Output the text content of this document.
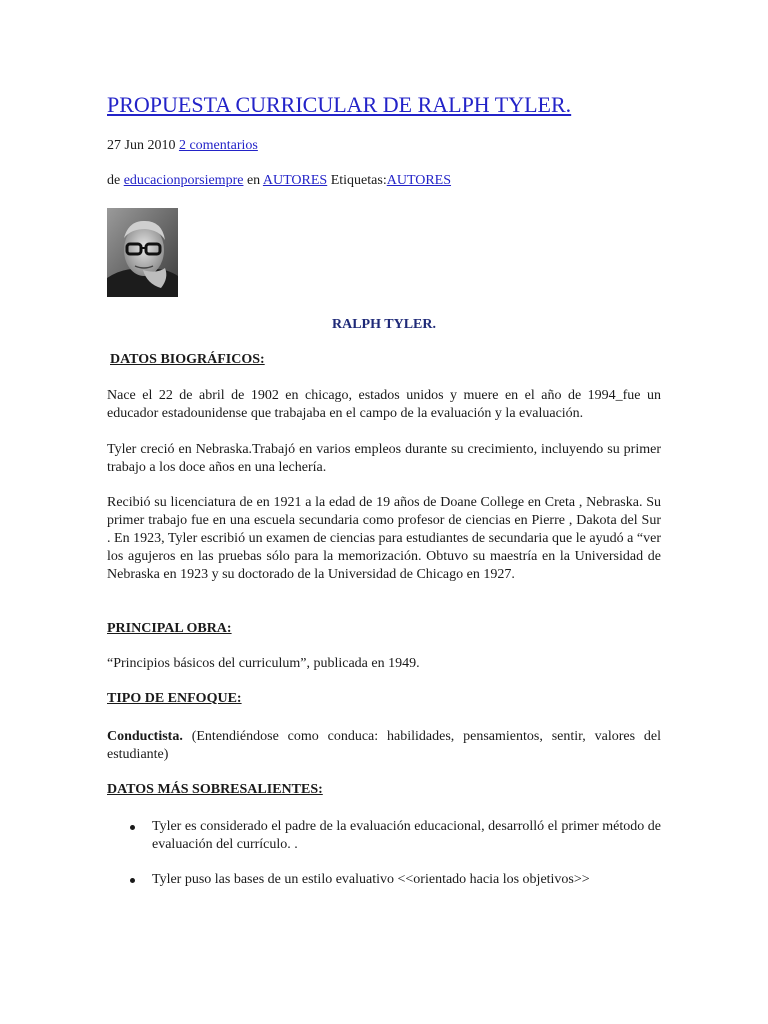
PROPUESTA CURRICULAR DE RALPH TYLER.
27 Jun 2010 2 comentarios
de educacionporsiempre en AUTORES Etiquetas:AUTORES
RALPH TYLER.
DATOS BIOGRÁFICOS:

Nace el 22 de abril de 1902 en chicago, estados unidos y muere en el año de 1994_fue un educador estadounidense que trabajaba en el campo de la evaluación y la evaluación.

Tyler creció en Nebraska.Trabajó en varios empleos durante su crecimiento, incluyendo su primer trabajo a los doce años en una lechería.

Recibió su licenciatura de en 1921 a la edad de 19 años de Doane College en Creta , Nebraska. Su primer trabajo fue en una escuela secundaria como profesor de ciencias en Pierre , Dakota del Sur . En 1923, Tyler escribió un examen de ciencias para estudiantes de secundaria que le ayudó a “ver los agujeros en las pruebas sólo para la memorización. Obtuvo su maestría en la Universidad de Nebraska en 1923 y su doctorado de la Universidad de Chicago en 1927.

PRINCIPAL OBRA:

“Principios básicos del curriculum”, publicada en 1949.

TIPO DE ENFOQUE:

Conductista. (Entendiéndose como conduca: habilidades, pensamientos, sentir, valores del estudiante)

DATOS MÁS SOBRESALIENTES:
Tyler es considerado el padre de la evaluación educacional, desarrolló el primer método de evaluación del currículo. .
Tyler puso las bases de un estilo evaluativo <<orientado hacia los objetivos>>
